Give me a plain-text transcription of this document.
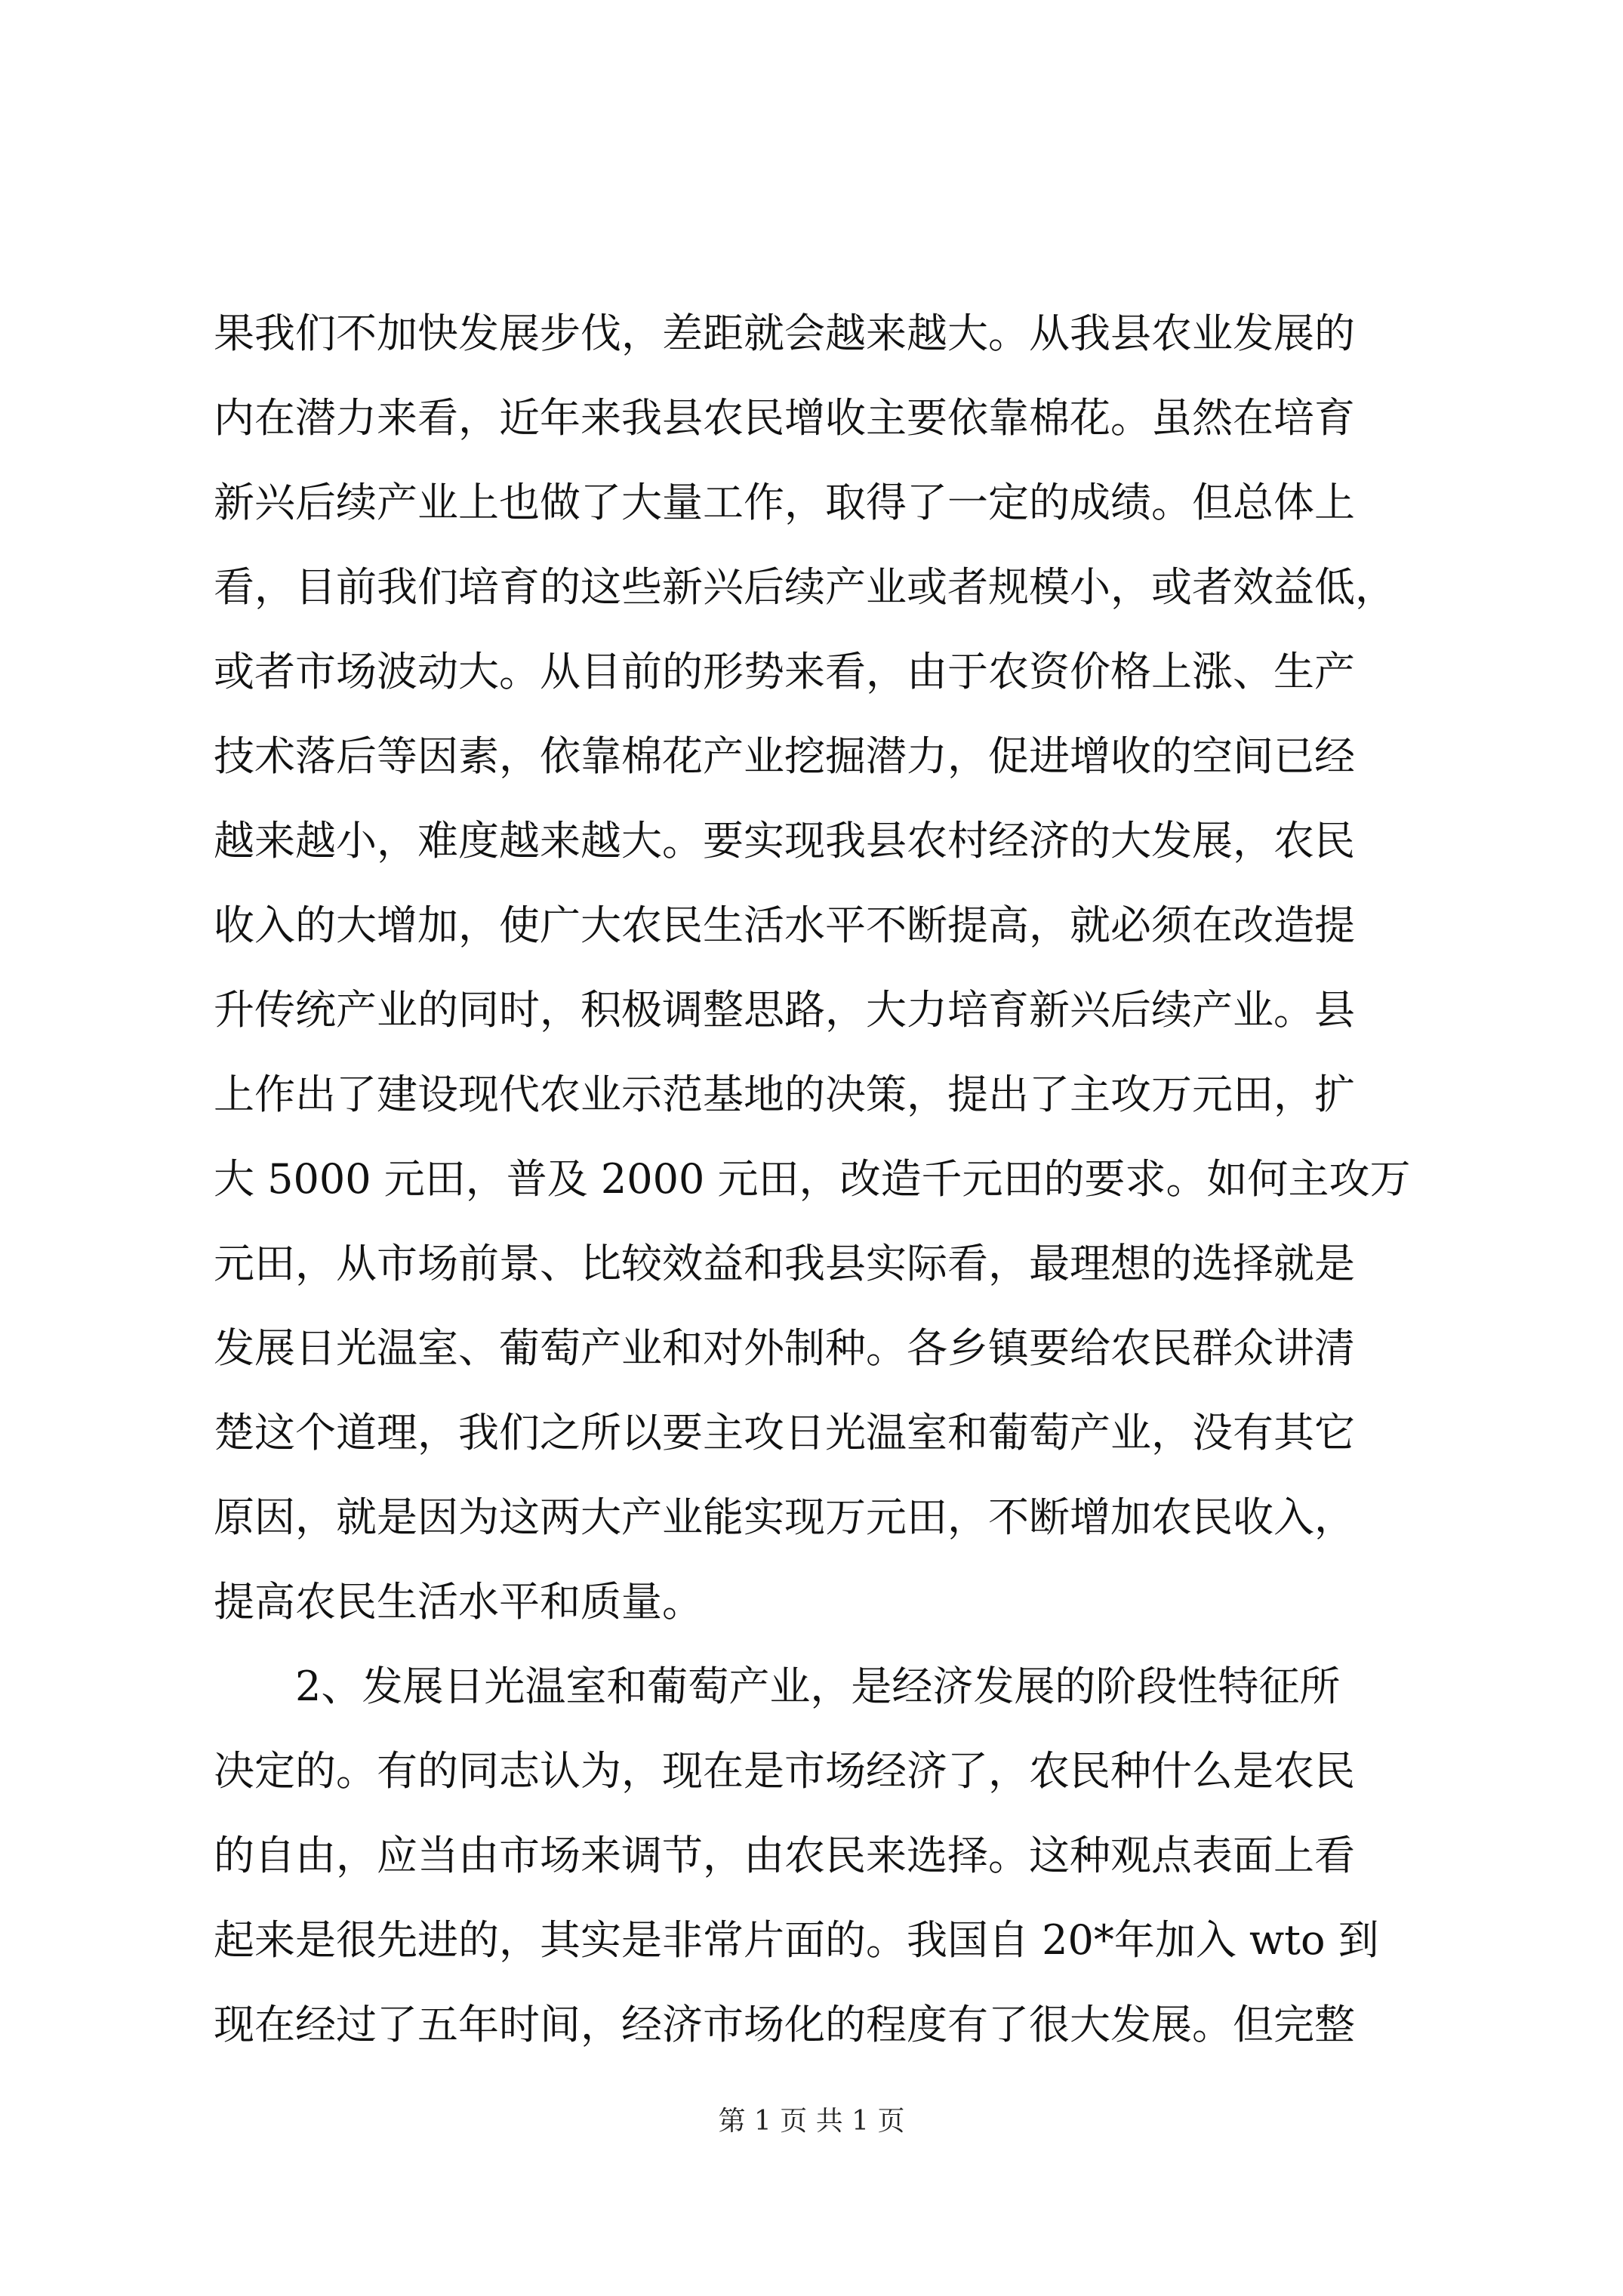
果我们不加快发展步伐，差距就会越来越大。从我县农业发展的
内在潜力来看，近年来我县农民增收主要依靠棉花。虽然在培育
新兴后续产业上也做了大量工作，取得了一定的成绩。但总体上
看，目前我们培育的这些新兴后续产业或者规模小，或者效益低，
或者市场波动大。从目前的形势来看，由于农资价格上涨、生产
技术落后等因素，依靠棉花产业挖掘潜力，促进增收的空间已经
越来越小，难度越来越大。要实现我县农村经济的大发展，农民
收入的大增加，使广大农民生活水平不断提高，就必须在改造提
升传统产业的同时，积极调整思路，大力培育新兴后续产业。县
上作出了建设现代农业示范基地的决策，提出了主攻万元田，扩
大 5000 元田，普及 2000 元田，改造千元田的要求。如何主攻万
元田，从市场前景、比较效益和我县实际看，最理想的选择就是
发展日光温室、葡萄产业和对外制种。各乡镇要给农民群众讲清
楚这个道理，我们之所以要主攻日光温室和葡萄产业，没有其它
原因，就是因为这两大产业能实现万元田，不断增加农民收入，
提高农民生活水平和质量。
2、发展日光温室和葡萄产业，是经济发展的阶段性特征所
决定的。有的同志认为，现在是市场经济了，农民种什么是农民
的自由，应当由市场来调节，由农民来选择。这种观点表面上看
起来是很先进的，其实是非常片面的。我国自 20*年加入 wto 到
现在经过了五年时间，经济市场化的程度有了很大发展。但完整
第 1 页 共 1 页
